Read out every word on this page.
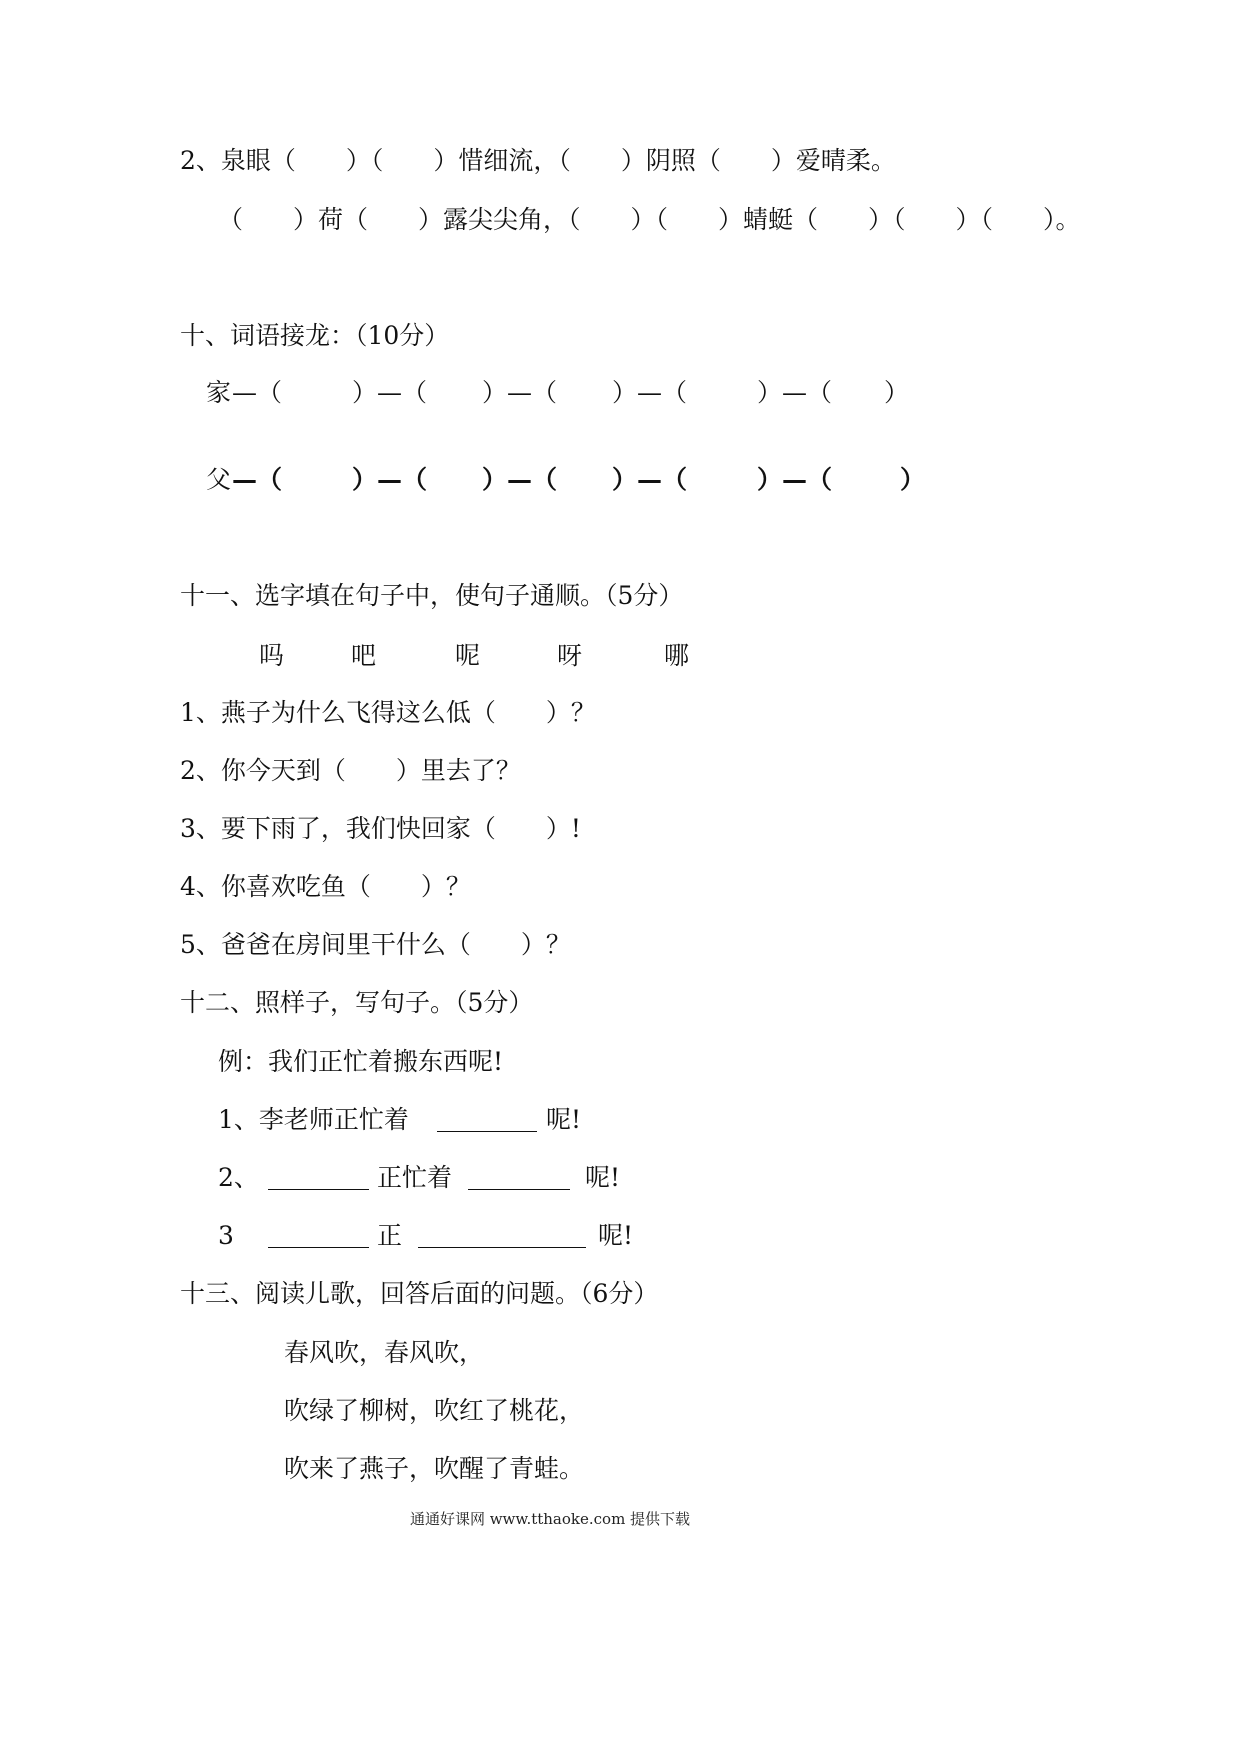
2、泉眼（　　）（　　）惜细流，（　　）阴照（　　）爱晴柔。
（　　）荷（　　）露尖尖角，（　　）（　　）蜻蜓（　　）（　　）（　　）。
十、词语接龙：（10分）
家 —（	）—（ ）—（ ）—（	）—（ ）
父 —（	）—（ ）—（ ）—（	）—（	）
十一、选字填在句子中，使句子通顺。（5分）
吗	吧	呢	呀	哪
1、燕子为什么飞得这么低（　　）？
2、你今天到（　　）里去了？
3、要下雨了，我们快回家（　　）!
4、你喜欢吃鱼（　　）？
5、爸爸在房间里干什么（　　）？
十二、照样子，写句子。（5分）
例：我们正忙着搬东西呢!
1、李老师正忙着	呢!
2、	正忙着	呢!
3	正	呢!
十三、阅读儿歌，回答后面的问题。（6分）
春风吹，春风吹，
吹绿了柳树，吹红了桃花，
吹来了燕子，吹醒了青蛙。
通通好课网 www.tthaoke.com 提供下载
